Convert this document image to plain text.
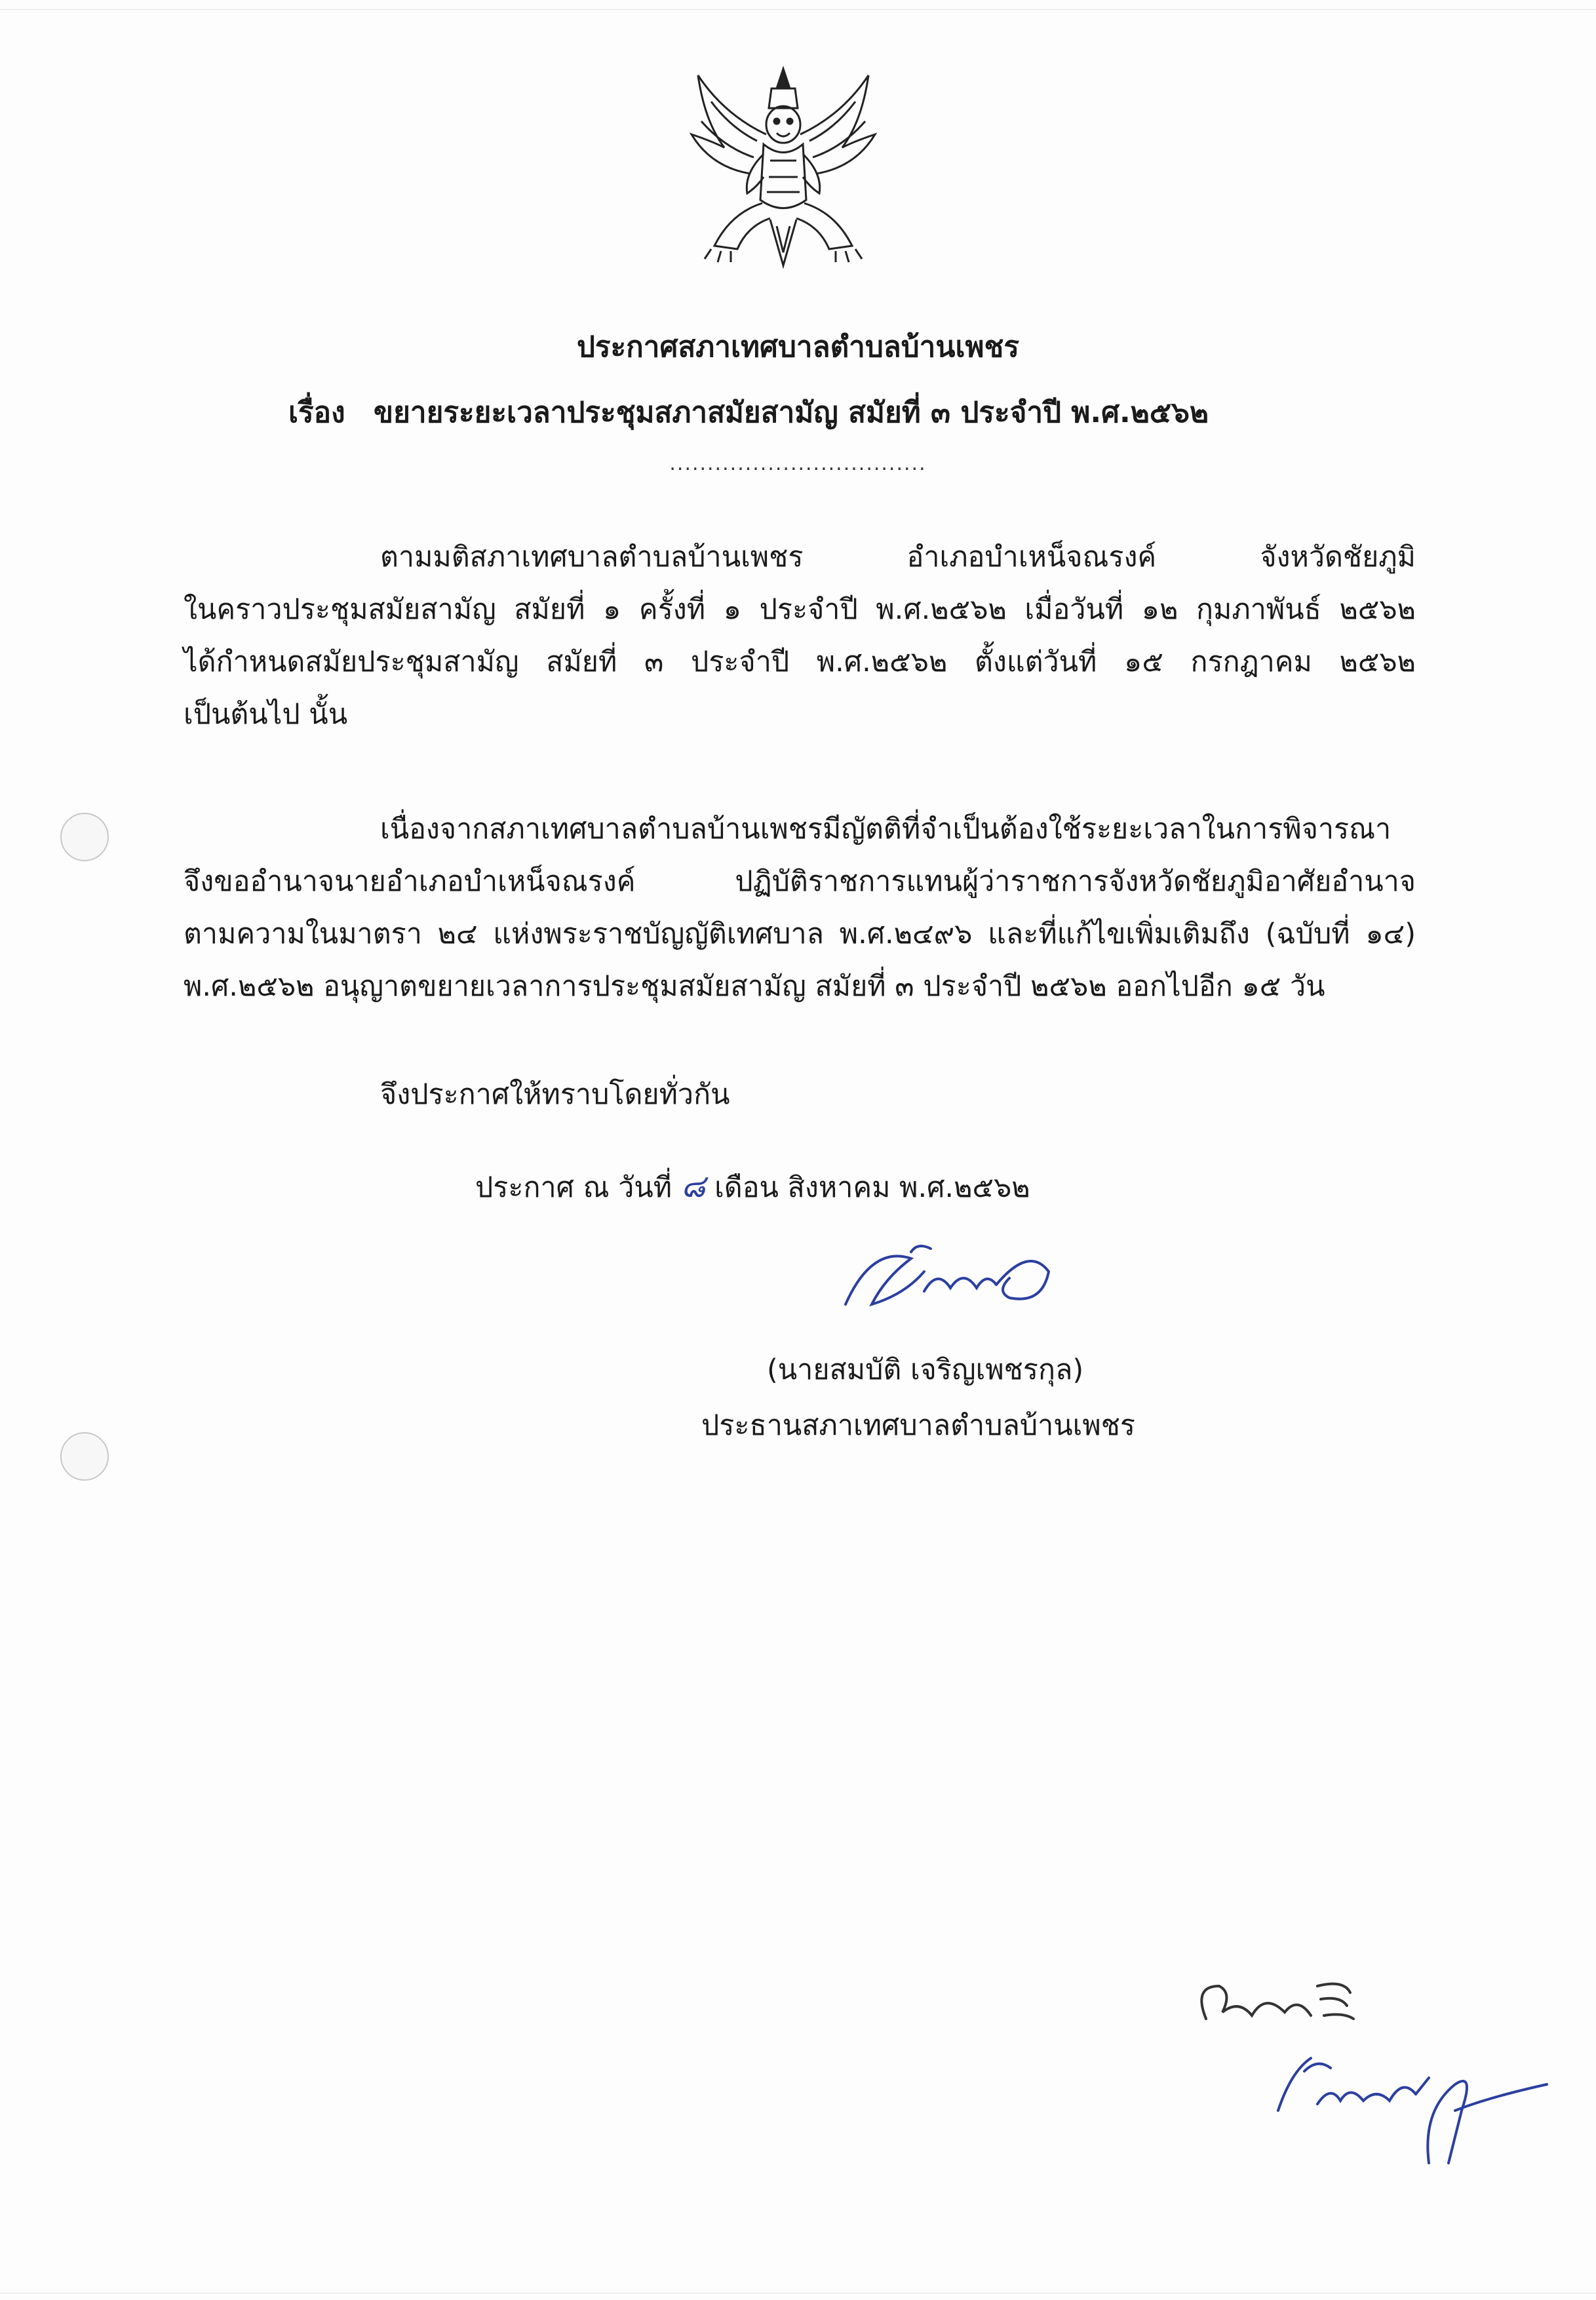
ประกาศสภาเทศบาลตำบลบ้านเพชร
เรื่อง ขยายระยะเวลาประชุมสภาสมัยสามัญ สมัยที่ ๓ ประจำปี พ.ศ.๒๕๖๒
..................................
ตามมติสภาเทศบาลตำบลบ้านเพชร อำเภอบำเหน็จณรงค์ จังหวัดชัยภูมิ
ในคราวประชุมสมัยสามัญ สมัยที่ ๑ ครั้งที่ ๑ ประจำปี พ.ศ.๒๕๖๒ เมื่อวันที่ ๑๒ กุมภาพันธ์ ๒๕๖๒
ได้กำหนดสมัยประชุมสามัญ สมัยที่ ๓ ประจำปี พ.ศ.๒๕๖๒ ตั้งแต่วันที่ ๑๕ กรกฎาคม ๒๕๖๒
เป็นต้นไป นั้น
เนื่องจากสภาเทศบาลตำบลบ้านเพชรมีญัตติที่จำเป็นต้องใช้ระยะเวลาในการพิจารณา
จึงขออำนาจนายอำเภอบำเหน็จณรงค์ ปฏิบัติราชการแทนผู้ว่าราชการจังหวัดชัยภูมิอาศัยอำนาจ
ตามความในมาตรา ๒๔ แห่งพระราชบัญญัติเทศบาล พ.ศ.๒๔๙๖ และที่แก้ไขเพิ่มเติมถึง (ฉบับที่ ๑๔)
พ.ศ.๒๕๖๒ อนุญาตขยายเวลาการประชุมสมัยสามัญ สมัยที่ ๓ ประจำปี ๒๕๖๒ ออกไปอีก ๑๕ วัน
จึงประกาศให้ทราบโดยทั่วกัน
ประกาศ ณ วันที่ ๘ เดือน สิงหาคม พ.ศ.๒๕๖๒
(นายสมบัติ เจริญเพชรกุล)
ประธานสภาเทศบาลตำบลบ้านเพชร
